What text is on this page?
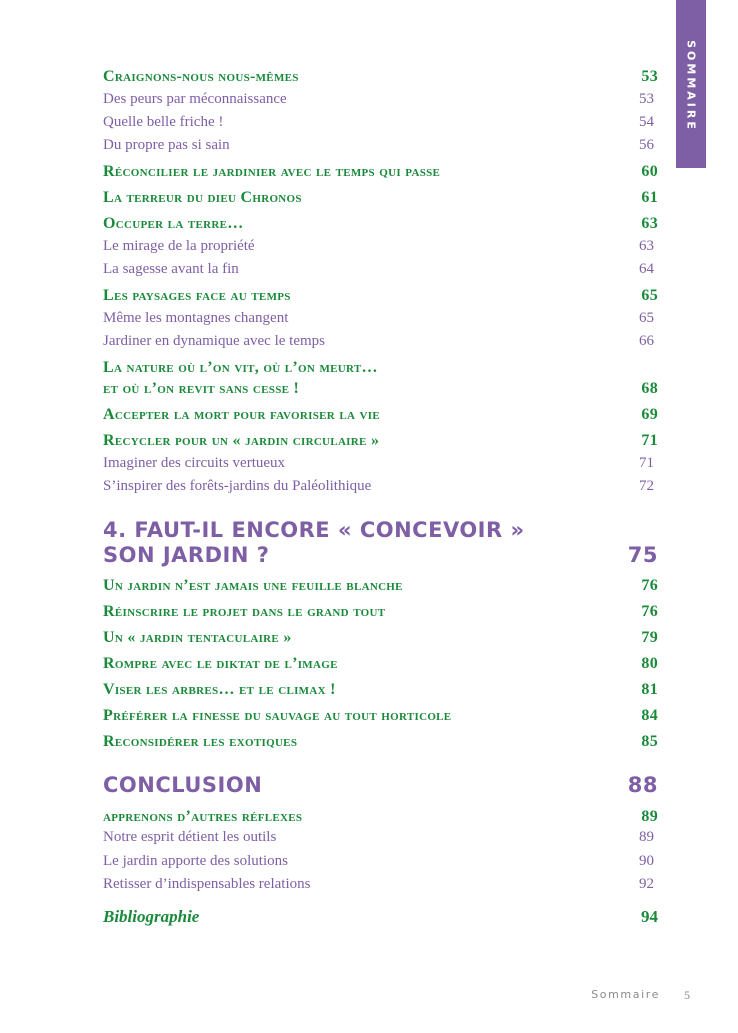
SOMMAIRE
Craignons-nous nous-mêmes	53
Des peurs par méconnaissance	53
Quelle belle friche !	54
Du propre pas si sain	56
Réconcilier le jardinier avec le temps qui passe	60
La terreur du dieu Chronos	61
Occuper la terre…	63
Le mirage de la propriété	63
La sagesse avant la fin	64
Les paysages face au temps	65
Même les montagnes changent	65
Jardiner en dynamique avec le temps	66
La nature où l’on vit, où l’on meurt…
et où l’on revit sans cesse !	68
Accepter la mort pour favoriser la vie	69
Recycler pour un « jardin circulaire »	71
Imaginer des circuits vertueux	71
S’inspirer des forêts-jardins du Paléolithique	72
4. FAUT-IL ENCORE « CONCEVOIR »
SON JARDIN ?	75
Un jardin n’est jamais une feuille blanche	76
Réinscrire le projet dans le grand tout	76
Un « jardin tentaculaire »	79
Rompre avec le diktat de l’image	80
Viser les arbres… et le climax !	81
Préférer la finesse du sauvage au tout horticole	84
Reconsidérer les exotiques	85
CONCLUSION	88
apprenons d’autres réflexes	89
Notre esprit détient les outils	89
Le jardin apporte des solutions	90
Retisser d’indispensables relations	92
Bibliographie	94
Sommaire 5
